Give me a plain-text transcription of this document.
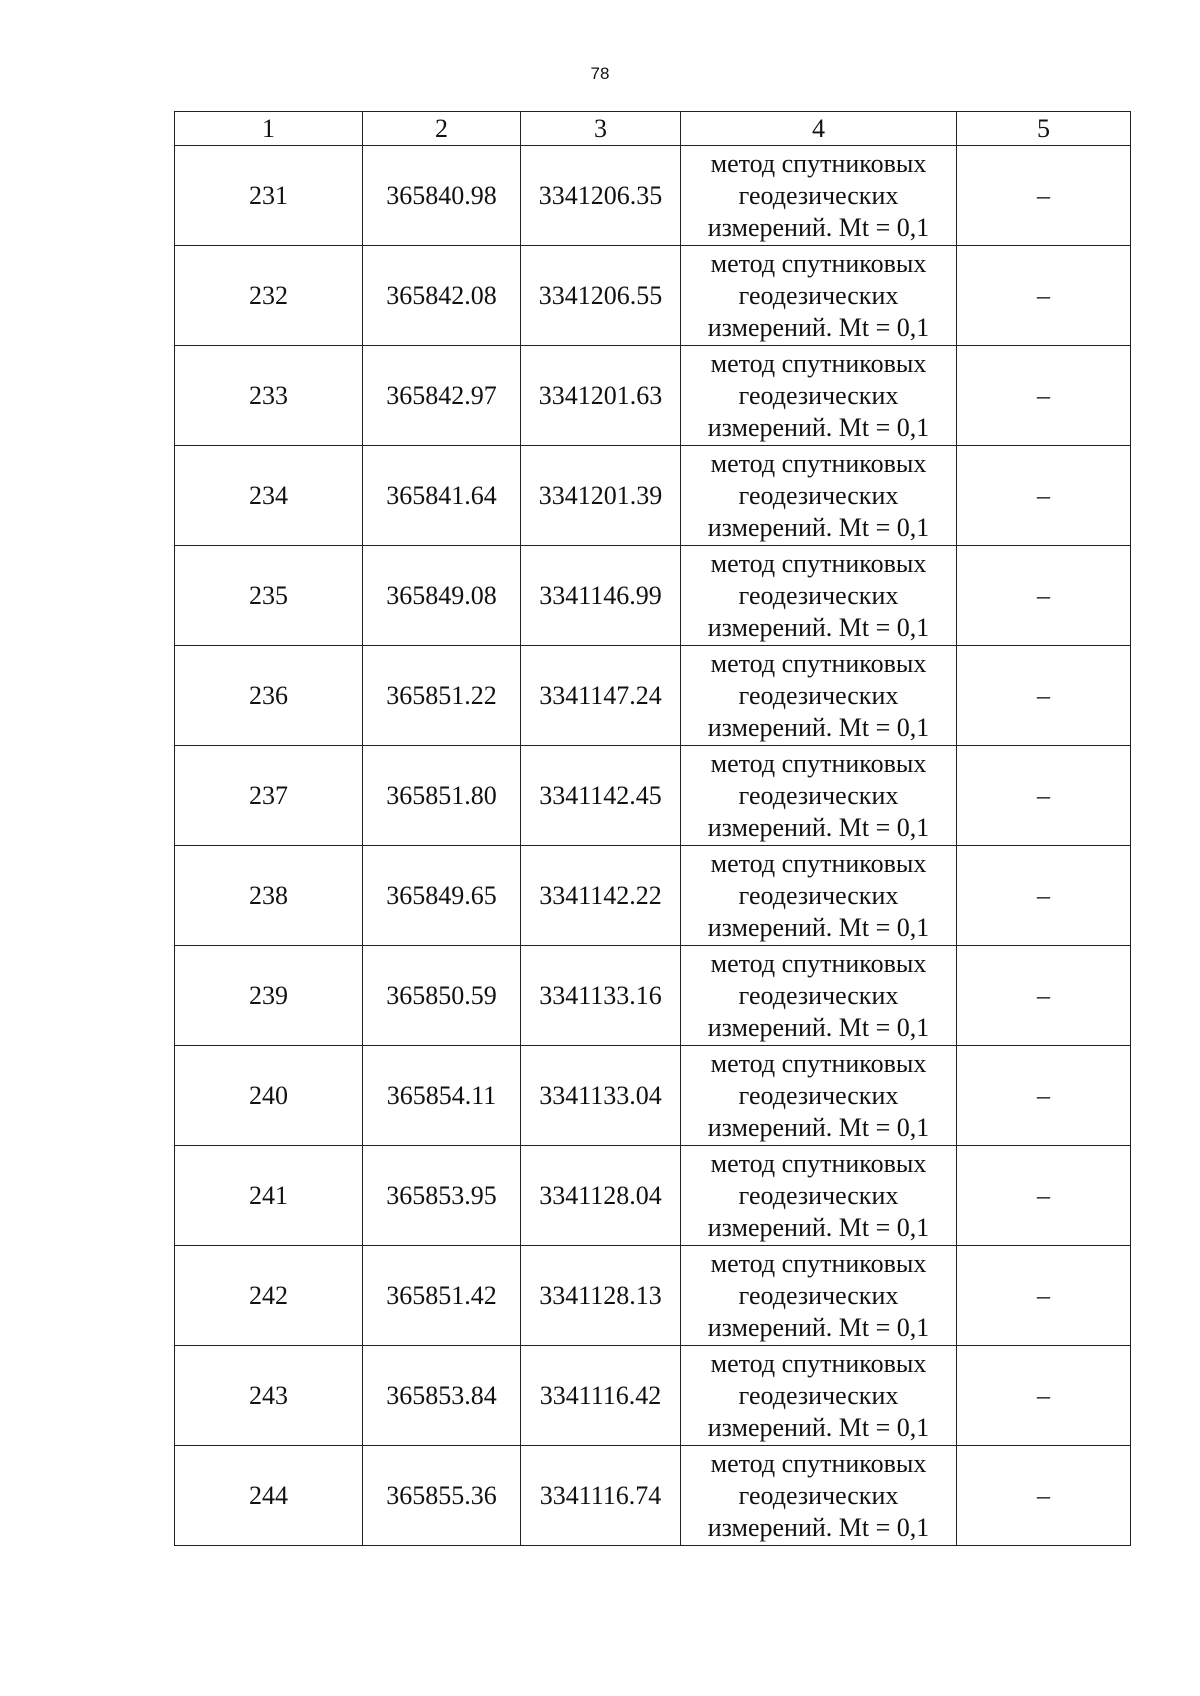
78
1	2	3	4	5
231	365840.98	3341206.35	метод спутниковых
геодезических
измерений. Mt = 0,1	–
232	365842.08	3341206.55	метод спутниковых
геодезических
измерений. Mt = 0,1	–
233	365842.97	3341201.63	метод спутниковых
геодезических
измерений. Mt = 0,1	–
234	365841.64	3341201.39	метод спутниковых
геодезических
измерений. Mt = 0,1	–
235	365849.08	3341146.99	метод спутниковых
геодезических
измерений. Mt = 0,1	–
236	365851.22	3341147.24	метод спутниковых
геодезических
измерений. Mt = 0,1	–
237	365851.80	3341142.45	метод спутниковых
геодезических
измерений. Mt = 0,1	–
238	365849.65	3341142.22	метод спутниковых
геодезических
измерений. Mt = 0,1	–
239	365850.59	3341133.16	метод спутниковых
геодезических
измерений. Mt = 0,1	–
240	365854.11	3341133.04	метод спутниковых
геодезических
измерений. Mt = 0,1	–
241	365853.95	3341128.04	метод спутниковых
геодезических
измерений. Mt = 0,1	–
242	365851.42	3341128.13	метод спутниковых
геодезических
измерений. Mt = 0,1	–
243	365853.84	3341116.42	метод спутниковых
геодезических
измерений. Mt = 0,1	–
244	365855.36	3341116.74	метод спутниковых
геодезических
измерений. Mt = 0,1	–
